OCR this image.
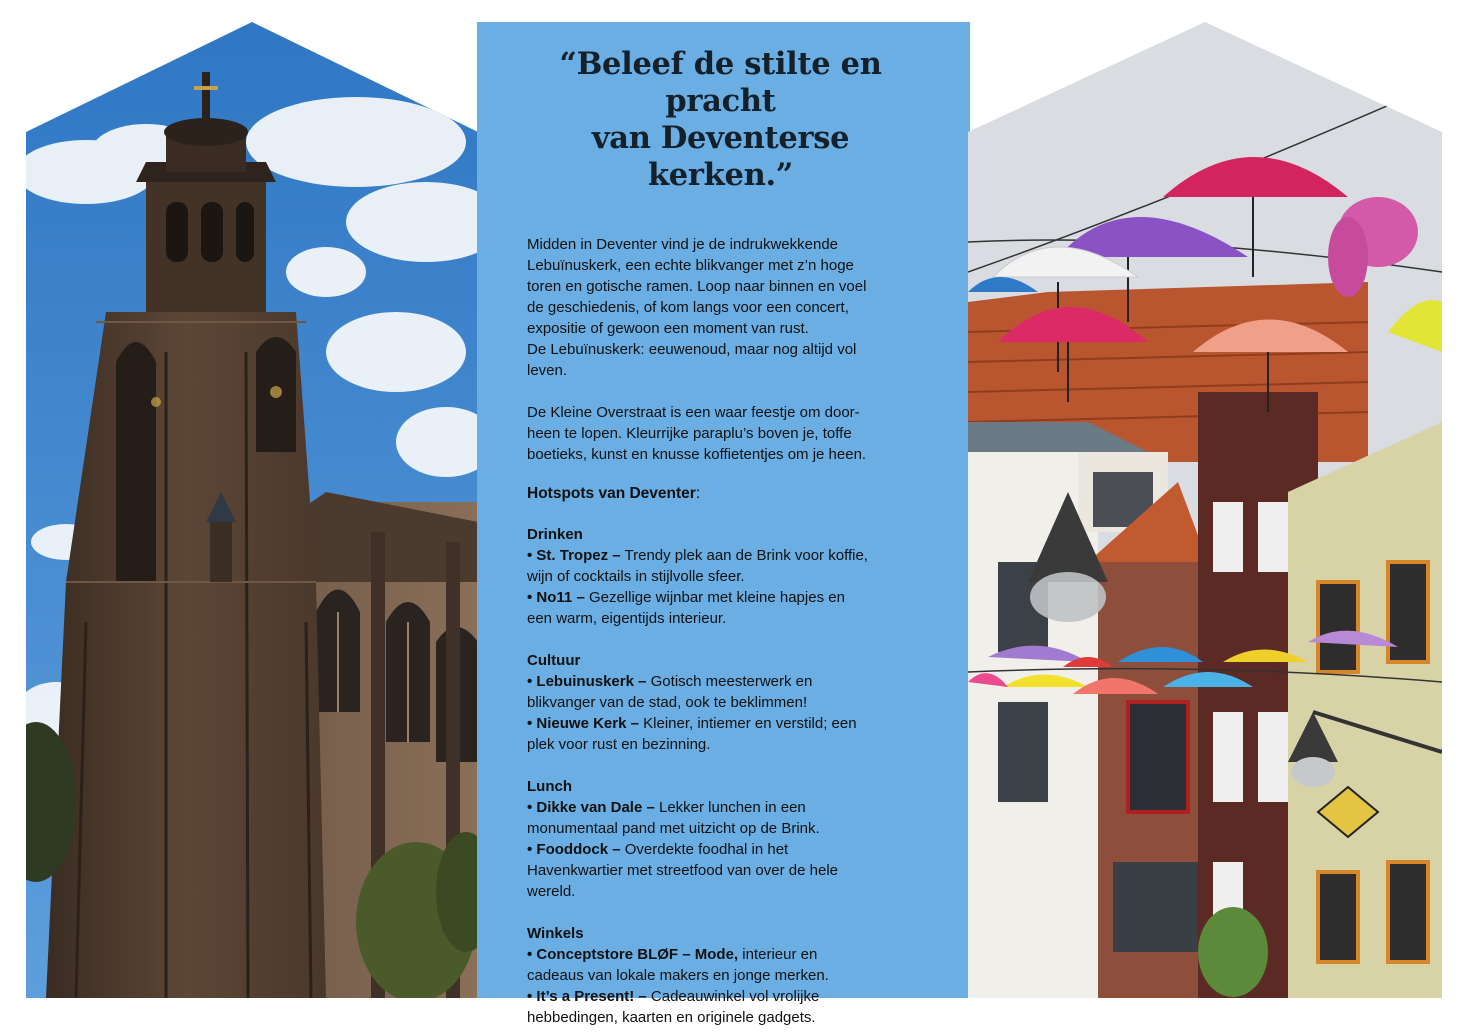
“Beleef de stilte en pracht
van Deventerse kerken.”

Midden in Deventer vind je de indrukwekkende

Lebuïnuskerk, een echte blikvanger met z’n hoge

toren en gotische ramen. Loop naar binnen en voel

de geschiedenis, of kom langs voor een concert,

expositie of gewoon een moment van rust.

De Lebuïnuskerk: eeuwenoud, maar nog altijd vol

leven.

De Kleine Overstraat is een waar feestje om door-

heen te lopen. Kleurrijke paraplu’s boven je, toffe

boetieks, kunst en knusse koffietentjes om je heen.

Hotspots van Deventer:

Drinken

• St. Tropez – Trendy plek aan de Brink voor koffie,
wijn of cocktails in stijlvolle sfeer.

• No11 – Gezellige wijnbar met kleine hapjes en
een warm, eigentijds interieur.

Cultuur

• Lebuinuskerk – Gotisch meesterwerk en
blikvanger van de stad, ook te beklimmen!

• Nieuwe Kerk – Kleiner, intiemer en verstild; een
plek voor rust en bezinning.

Lunch

• Dikke van Dale – Lekker lunchen in een
monumentaal pand met uitzicht op de Brink.

• Fooddock – Overdekte foodhal in het
Havenkwartier met streetfood van over de hele
wereld.

Winkels

• Conceptstore BLØF – Mode, interieur en
cadeaus van lokale makers en jonge merken.

• It’s a Present! – Cadeauwinkel vol vrolijke
hebbedingen, kaarten en originele gadgets.
